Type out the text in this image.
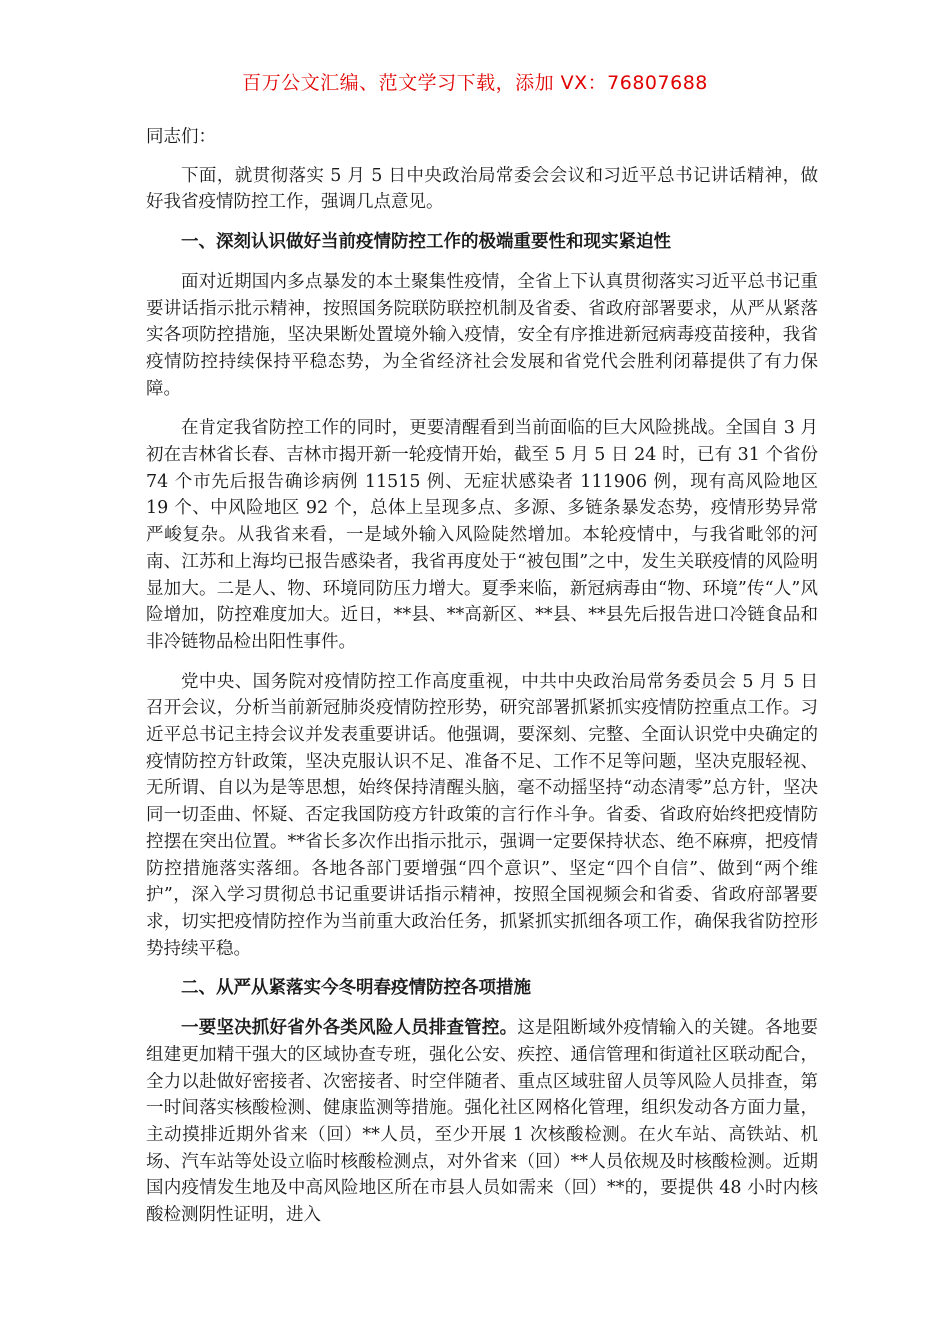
百万公文汇编、范文学习下载，添加 VX：76807688

同志们：

下面，就贯彻落实 5 月 5 日中央政治局常委会会议和习近平总书记讲话精神，做好我省疫情防控工作，强调几点意见。

一、深刻认识做好当前疫情防控工作的极端重要性和现实紧迫性

面对近期国内多点暴发的本土聚集性疫情，全省上下认真贯彻落实习近平总书记重要讲话指示批示精神，按照国务院联防联控机制及省委、省政府部署要求，从严从紧落实各项防控措施，坚决果断处置境外输入疫情，安全有序推进新冠病毒疫苗接种，我省疫情防控持续保持平稳态势，为全省经济社会发展和省党代会胜利闭幕提供了有力保障。

在肯定我省防控工作的同时，更要清醒看到当前面临的巨大风险挑战。全国自 3 月初在吉林省长春、吉林市揭开新一轮疫情开始，截至 5 月 5 日 24 时，已有 31 个省份 74 个市先后报告确诊病例 11515 例、无症状感染者 111906 例，现有高风险地区 19 个、中风险地区 92 个，总体上呈现多点、多源、多链条暴发态势，疫情形势异常严峻复杂。从我省来看，一是域外输入风险陡然增加。本轮疫情中，与我省毗邻的河南、江苏和上海均已报告感染者，我省再度处于“被包围”之中，发生关联疫情的风险明显加大。二是人、物、环境同防压力增大。夏季来临，新冠病毒由“物、环境”传“人”风险增加，防控难度加大。近日，**县、**高新区、**县、**县先后报告进口冷链食品和非冷链物品检出阳性事件。

党中央、国务院对疫情防控工作高度重视，中共中央政治局常务委员会 5 月 5 日召开会议，分析当前新冠肺炎疫情防控形势，研究部署抓紧抓实疫情防控重点工作。习近平总书记主持会议并发表重要讲话。他强调，要深刻、完整、全面认识党中央确定的疫情防控方针政策，坚决克服认识不足、准备不足、工作不足等问题，坚决克服轻视、无所谓、自以为是等思想，始终保持清醒头脑，毫不动摇坚持“动态清零”总方针，坚决同一切歪曲、怀疑、否定我国防疫方针政策的言行作斗争。省委、省政府始终把疫情防控摆在突出位置。**省长多次作出指示批示，强调一定要保持状态、绝不麻痹，把疫情防控措施落实落细。各地各部门要增强“四个意识”、坚定“四个自信”、做到“两个维护”，深入学习贯彻总书记重要讲话指示精神，按照全国视频会和省委、省政府部署要求，切实把疫情防控作为当前重大政治任务，抓紧抓实抓细各项工作，确保我省防控形势持续平稳。

二、从严从紧落实今冬明春疫情防控各项措施

一要坚决抓好省外各类风险人员排查管控。这是阻断域外疫情输入的关键。各地要组建更加精干强大的区域协查专班，强化公安、疾控、通信管理和街道社区联动配合，全力以赴做好密接者、次密接者、时空伴随者、重点区域驻留人员等风险人员排查，第一时间落实核酸检测、健康监测等措施。强化社区网格化管理，组织发动各方面力量，主动摸排近期外省来（回）**人员，至少开展 1 次核酸检测。在火车站、高铁站、机场、汽车站等处设立临时核酸检测点，对外省来（回）**人员依规及时核酸检测。近期国内疫情发生地及中高风险地区所在市县人员如需来（回）**的，要提供 48 小时内核酸检测阴性证明，进入
